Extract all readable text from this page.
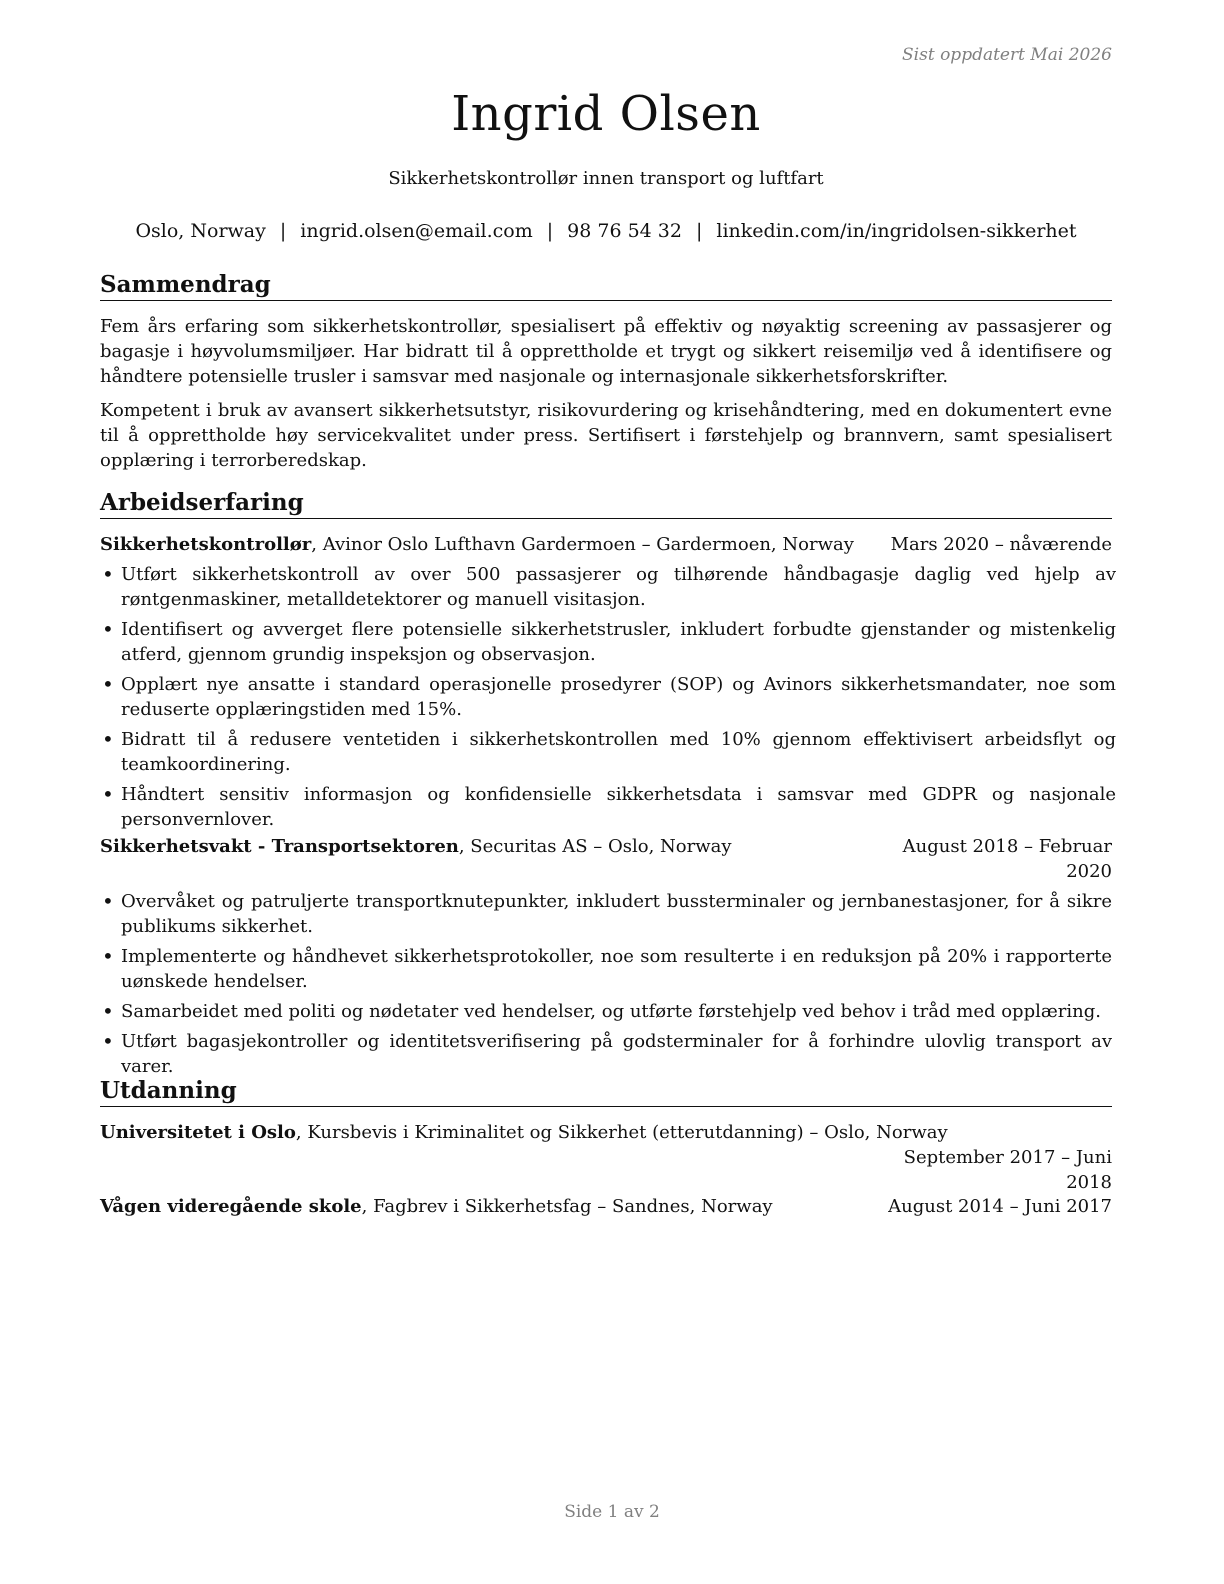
Sist oppdatert Mai 2026
Ingrid Olsen
Sikkerhetskontrollør innen transport og luftfart
Oslo, Norway | ingrid.olsen@email.com | 98 76 54 32 | linkedin.com/in/ingridolsen-sikkerhet
Sammendrag
Fem års erfaring som sikkerhetskontrollør, spesialisert på effektiv og nøyaktig screening av passasjerer og bagasje i høyvolumsmiljøer. Har bidratt til å opprettholde et trygt og sikkert reisemiljø ved å identifisere og håndtere potensielle trusler i samsvar med nasjonale og internasjonale sikkerhetsforskrifter.
Kompetent i bruk av avansert sikkerhetsutstyr, risikovurdering og krisehåndtering, med en dokumentert evne til å opprettholde høy servicekvalitet under press. Sertifisert i førstehjelp og brannvern, samt spesialisert opplæring i terrorberedskap.
Arbeidserfaring
Sikkerhetskontrollør, Avinor Oslo Lufthavn Gardermoen – Gardermoen, Norway Mars 2020 – nåværende
• Utført sikkerhetskontroll av over 500 passasjerer og tilhørende håndbagasje daglig ved hjelp av røntgenmaskiner, metalldetektorer og manuell visitasjon.
• Identifisert og avverget flere potensielle sikkerhetstrusler, inkludert forbudte gjenstander og mistenkelig atferd, gjennom grundig inspeksjon og observasjon.
• Opplært nye ansatte i standard operasjonelle prosedyrer (SOP) og Avinors sikkerhetsmandater, noe som reduserte opplæringstiden med 15%.
• Bidratt til å redusere ventetiden i sikkerhetskontrollen med 10% gjennom effektivisert arbeidsflyt og teamkoordinering.
• Håndtert sensitiv informasjon og konfidensielle sikkerhetsdata i samsvar med GDPR og nasjonale personvernlover.
Sikkerhetsvakt - Transportsektoren, Securitas AS – Oslo, Norway	August 2018 – Februar
2020
• Overvåket og patruljerte transportknutepunkter, inkludert bussterminaler og jernbanestasjoner, for å sikre publikums sikkerhet.
• Implementerte og håndhevet sikkerhetsprotokoller, noe som resulterte i en reduksjon på 20% i rapporterte uønskede hendelser.
• Samarbeidet med politi og nødetater ved hendelser, og utførte førstehjelp ved behov i tråd med opplæring.
• Utført bagasjekontroller og identitetsverifisering på godsterminaler for å forhindre ulovlig transport av varer.
Utdanning
Universitetet i Oslo, Kursbevis i Kriminalitet og Sikkerhet (etterutdanning) – Oslo, Norway
September 2017 – Juni
2018
Vågen videregående skole, Fagbrev i Sikkerhetsfag – Sandnes, Norway	August 2014 – Juni 2017
Side 1 av 2
